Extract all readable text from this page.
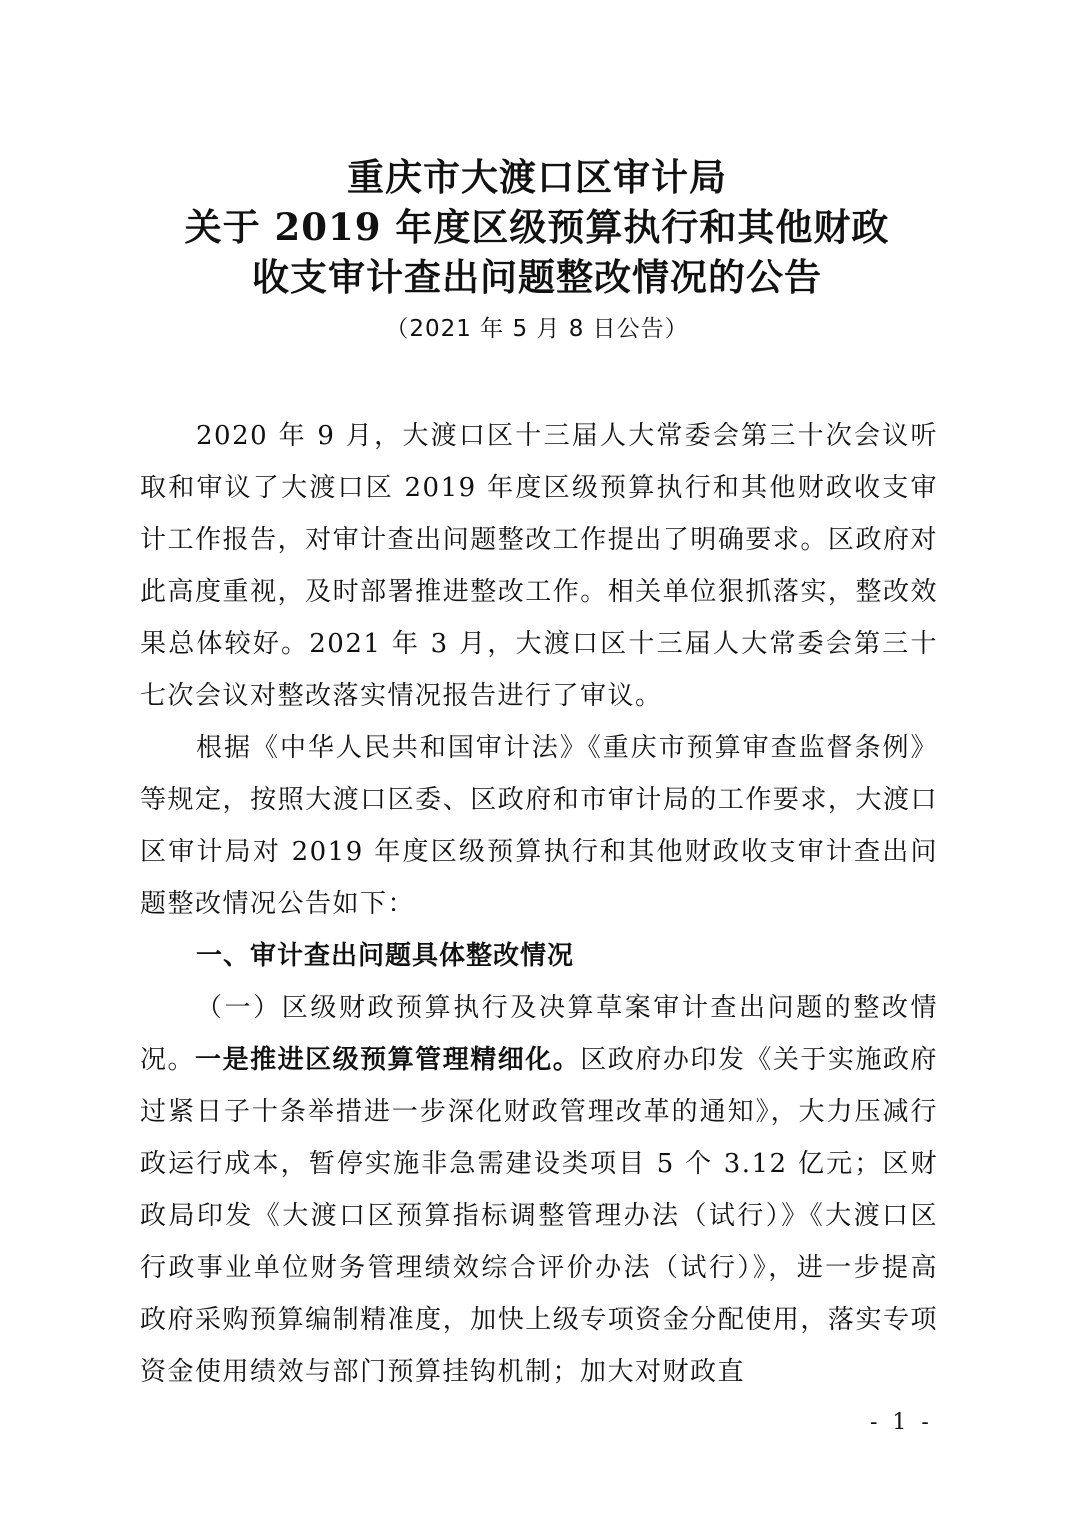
重庆市大渡口区审计局
关于 2019 年度区级预算执行和其他财政
收支审计查出问题整改情况的公告
（2021 年 5 月 8 日公告）

2020 年 9 月，大渡口区十三届人大常委会第三十次会议听取和审议了大渡口区 2019 年度区级预算执行和其他财政收支审计工作报告，对审计查出问题整改工作提出了明确要求。区政府对此高度重视，及时部署推进整改工作。相关单位狠抓落实，整改效果总体较好。2021 年 3 月，大渡口区十三届人大常委会第三十七次会议对整改落实情况报告进行了审议。

根据《中华人民共和国审计法》《重庆市预算审查监督条例》等规定，按照大渡口区委、区政府和市审计局的工作要求，大渡口区审计局对 2019 年度区级预算执行和其他财政收支审计查出问题整改情况公告如下：

一、审计查出问题具体整改情况

（一）区级财政预算执行及决算草案审计查出问题的整改情况。一是推进区级预算管理精细化。区政府办印发《关于实施政府过紧日子十条举措进一步深化财政管理改革的通知》，大力压减行政运行成本，暂停实施非急需建设类项目 5 个 3.12 亿元；区财政局印发《大渡口区预算指标调整管理办法（试行）》《大渡口区行政事业单位财务管理绩效综合评价办法（试行）》，进一步提高政府采购预算编制精准度，加快上级专项资金分配使用，落实专项资金使用绩效与部门预算挂钩机制；加大对财政直

- 1 -
